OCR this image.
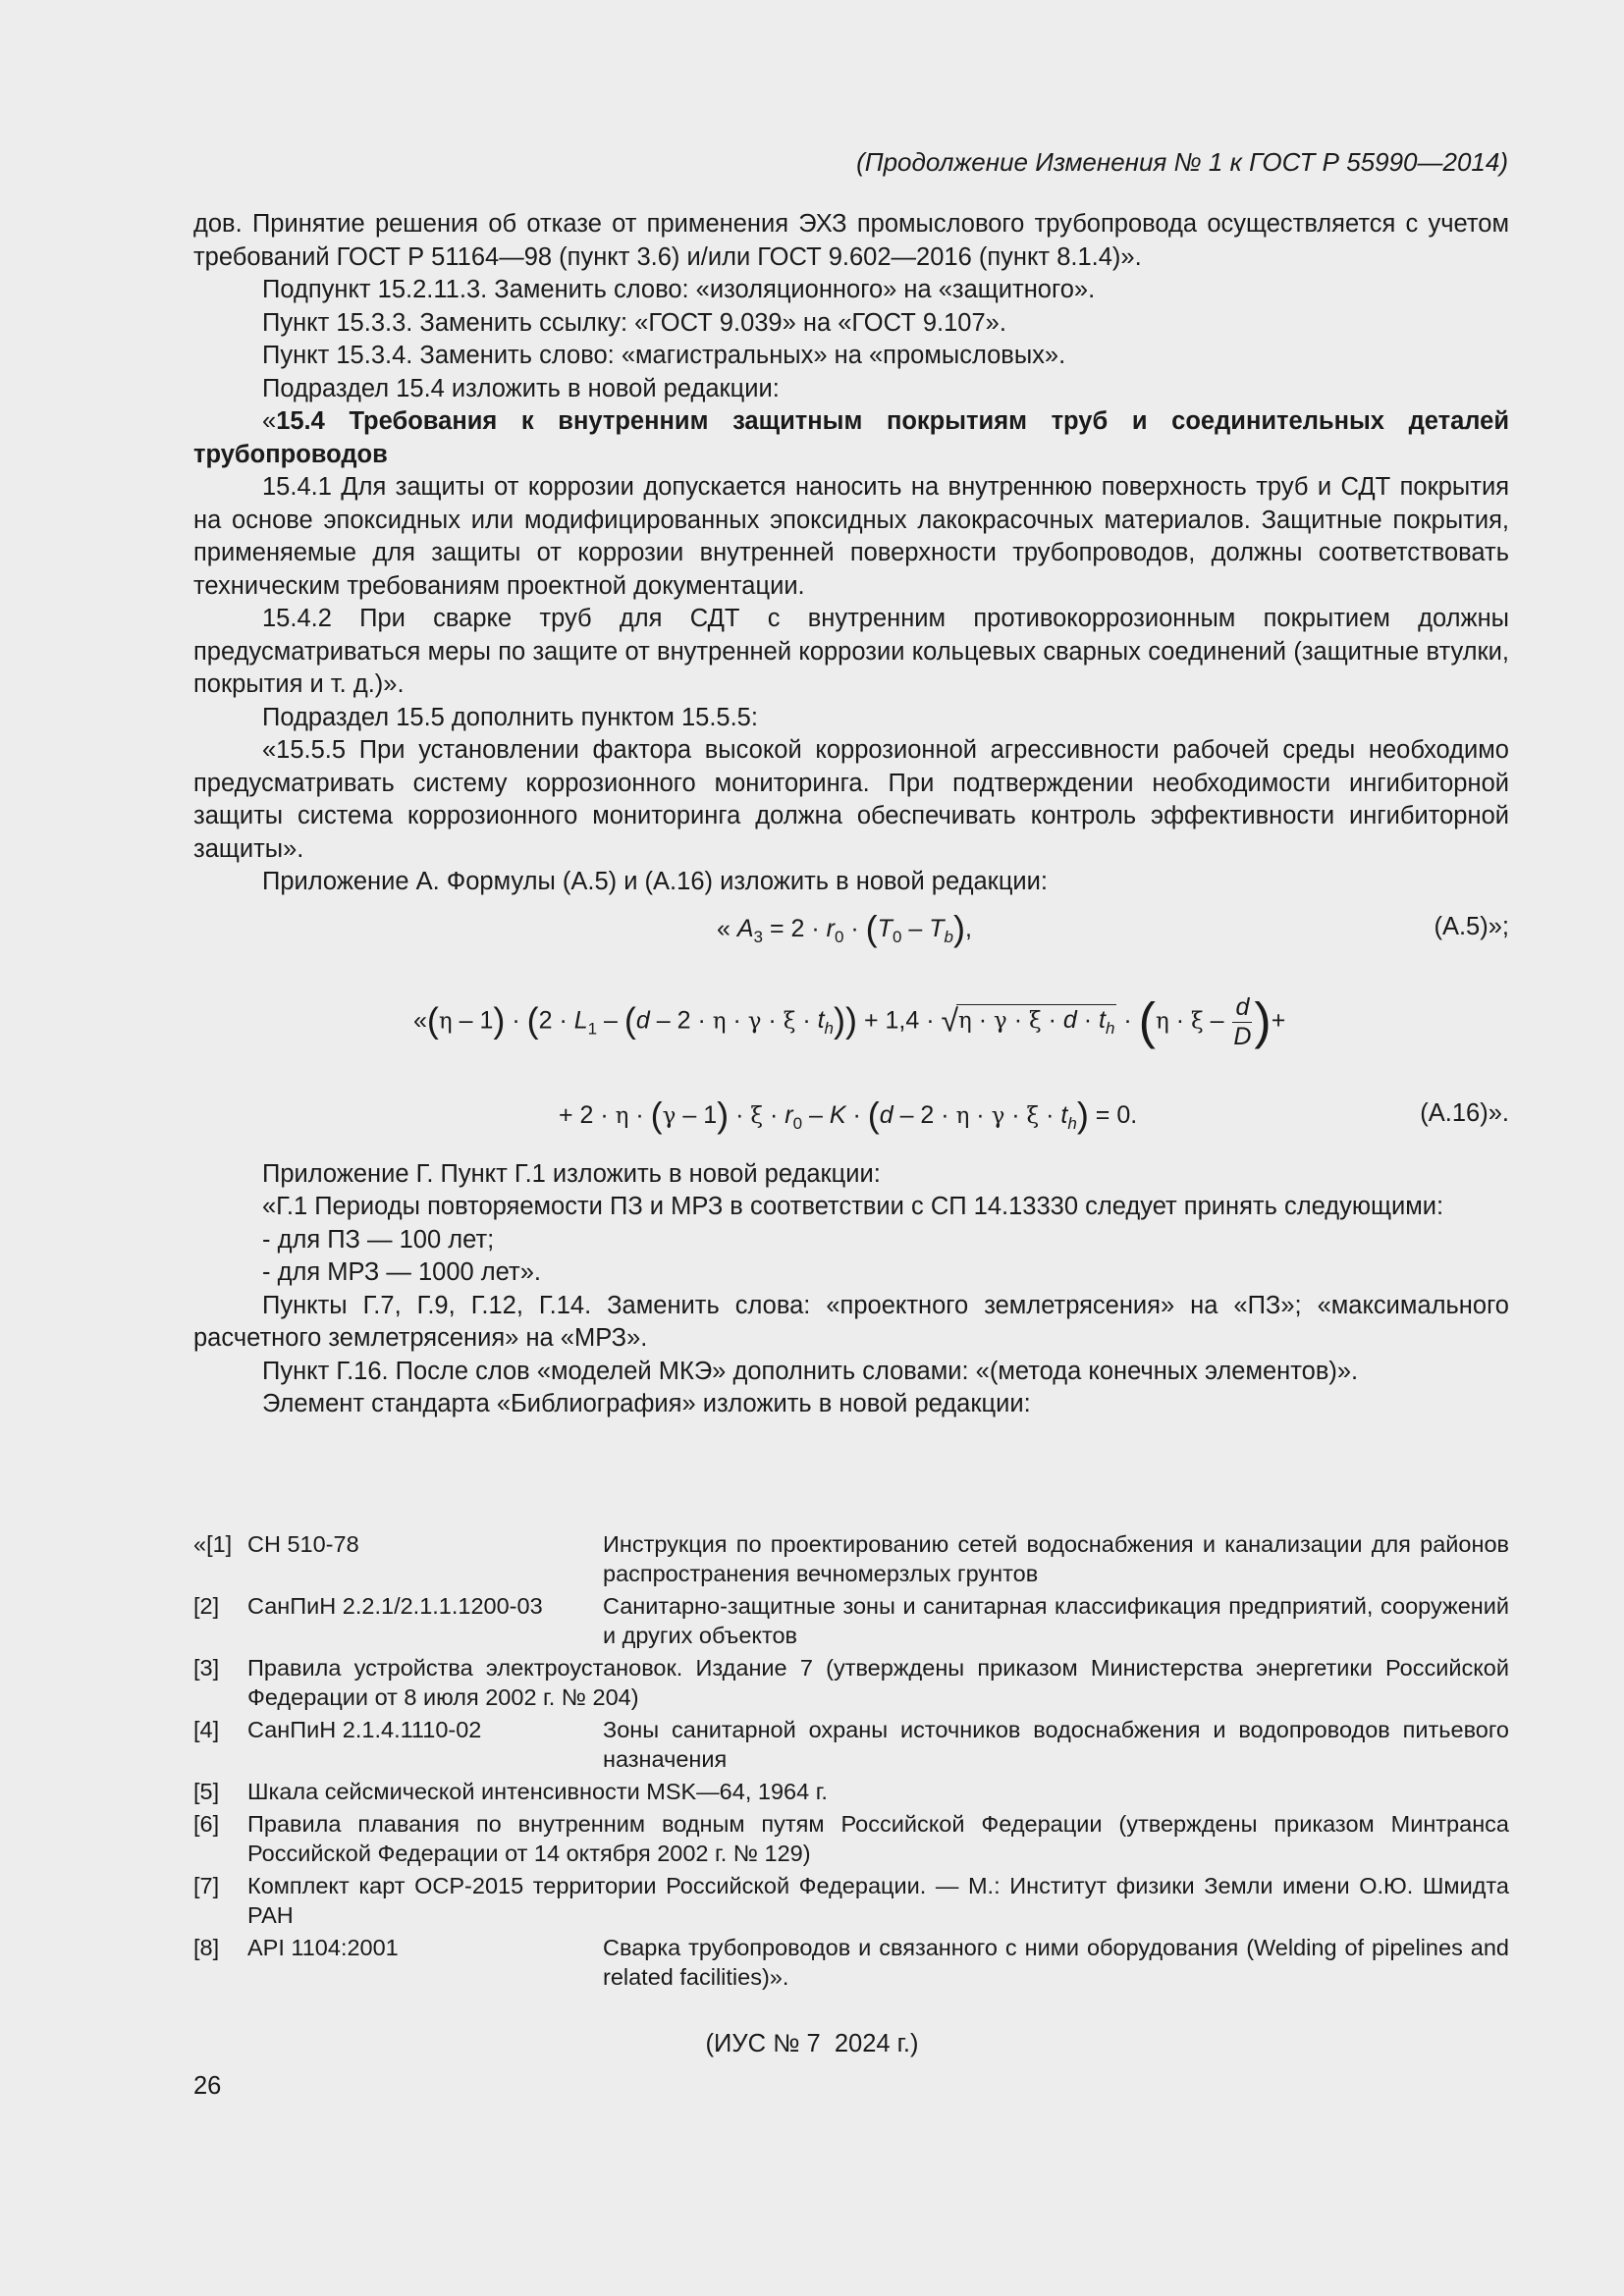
(Продолжение Изменения № 1 к ГОСТ Р 55990—2014)

дов. Принятие решения об отказе от применения ЭХЗ промыслового трубопровода осуществляется с учетом требований ГОСТ Р 51164—98 (пункт 3.6) и/или ГОСТ 9.602—2016 (пункт 8.1.4)».

Подпункт 15.2.11.3. Заменить слово: «изоляционного» на «защитного».

Пункт 15.3.3. Заменить ссылку: «ГОСТ 9.039» на «ГОСТ 9.107».

Пункт 15.3.4. Заменить слово: «магистральных» на «промысловых».

Подраздел 15.4 изложить в новой редакции:

«15.4 Требования к внутренним защитным покрытиям труб и соединительных деталей трубопроводов

15.4.1 Для защиты от коррозии допускается наносить на внутреннюю поверхность труб и СДТ покрытия на основе эпоксидных или модифицированных эпоксидных лакокрасочных материалов. Защитные покрытия, применяемые для защиты от коррозии внутренней поверхности трубопроводов, должны соответствовать техническим требованиям проектной документации.

15.4.2 При сварке труб для СДТ с внутренним противокоррозионным покрытием должны предусматриваться меры по защите от внутренней коррозии кольцевых сварных соединений (защитные втулки, покрытия и т. д.)».

Подраздел 15.5 дополнить пунктом 15.5.5:

«15.5.5 При установлении фактора высокой коррозионной агрессивности рабочей среды необходимо предусматривать систему коррозионного мониторинга. При подтверждении необходимости ингибиторной защиты система коррозионного мониторинга должна обеспечивать контроль эффективности ингибиторной защиты».

Приложение А. Формулы (А.5) и (А.16) изложить в новой редакции:

« $A_3 = 2 \cdot r_0 \cdot (T_0 - T_b)$,	(А.5)»;
«$(\eta - 1) \cdot (2 \cdot L_1 - (d - 2 \cdot \eta \cdot \gamma \cdot \xi \cdot t_h)) + 1,4 \cdot √\eta \cdot \gamma \cdot \xi \cdot d \cdot t_h \cdot (\eta \cdot \xi - \frac{d}{D}$ )+
+ $2 \cdot \eta \cdot (\gamma - 1) \cdot \xi \cdot r_0 - K \cdot (d - 2 \cdot \eta \cdot \gamma \cdot \xi \cdot t_h) = 0$.	(А.16)».

Приложение Г. Пункт Г.1 изложить в новой редакции:

«Г.1 Периоды повторяемости ПЗ и МРЗ в соответствии с СП 14.13330 следует принять следующими:

- для ПЗ — 100 лет;

- для МРЗ — 1000 лет».

Пункты Г.7, Г.9, Г.12, Г.14. Заменить слова: «проектного землетрясения» на «ПЗ»; «максимального расчетного землетрясения» на «МРЗ».

Пункт Г.16. После слов «моделей МКЭ» дополнить словами: «(метода конечных элементов)».

Элемент стандарта «Библиография» изложить в новой редакции:

«[1] СН 510-78	Инструкция по проектированию сетей водоснабжения и канализации для районов распространения вечномерзлых грунтов
[2] СанПиН 2.2.1/2.1.1.1200-03	Санитарно-защитные зоны и санитарная классификация предприятий, сооружений и других объектов
[3] Правила устройства электроустановок. Издание 7 (утверждены приказом Министерства энергетики Российской Федерации от 8 июля 2002 г. № 204)
[4] СанПиН 2.1.4.1110-02	Зоны санитарной охраны источников водоснабжения и водопроводов питьевого назначения
[5] Шкала сейсмической интенсивности MSK—64, 1964 г.
[6] Правила плавания по внутренним водным путям Российской Федерации (утверждены приказом Минтранса Российской Федерации от 14 октября 2002 г. № 129)
[7] Комплект карт ОСР-2015 территории Российской Федерации. — М.: Институт физики Земли имени О.Ю. Шмидта РАН
[8] API 1104:2001	Сварка трубопроводов и связанного с ними оборудования (Welding of pipelines and related facilities)».
(ИУС № 7  2024 г.)
26
